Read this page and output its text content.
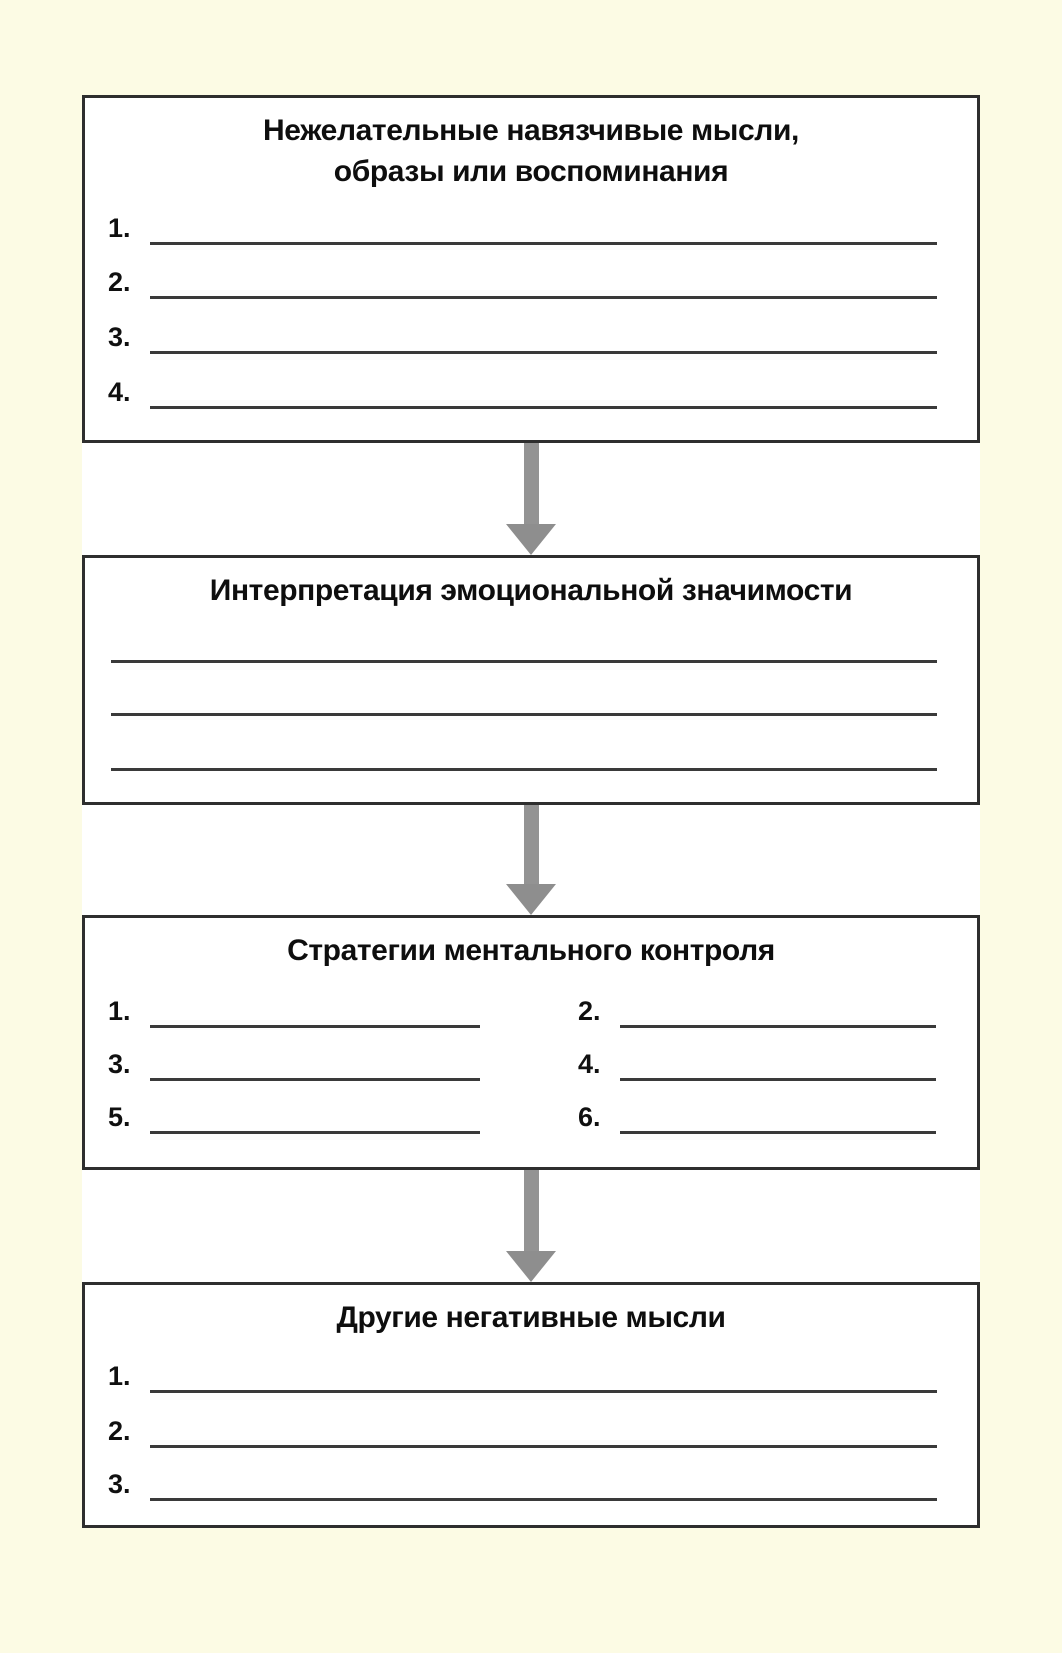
Нежелательные навязчивые мысли,
образы или воспоминания
1.
2.
3.
4.
Интерпретация эмоциональной значимости
Стратегии ментального контроля
1.	2.
3.	4.
5.	6.
Другие негативные мысли
1.
2.
3.
